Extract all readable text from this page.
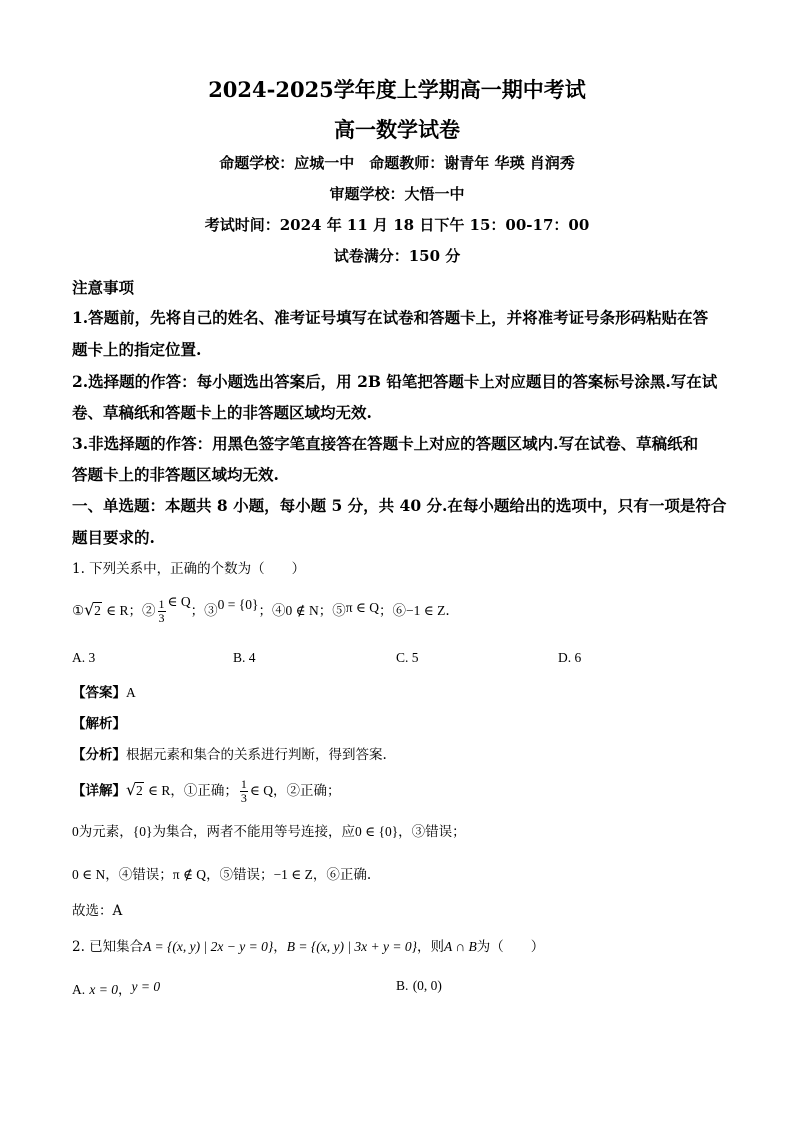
2024-2025学年度上学期高一期中考试
高一数学试卷
命题学校：应城一中　命题教师：谢青年 华瑛 肖润秀
审题学校：大悟一中
考试时间：2024 年 11 月 18 日下午 15：00-17：00
试卷满分：150 分
注意事项
1.答题前，先将自己的姓名、准考证号填写在试卷和答题卡上，并将准考证号条形码粘贴在答
题卡上的指定位置.
2.选择题的作答：每小题选出答案后，用 2B 铅笔把答题卡上对应题目的答案标号涂黑.写在试
卷、草稿纸和答题卡上的非答题区域均无效.
3.非选择题的作答：用黑色签字笔直接答在答题卡上对应的答题区域内.写在试卷、草稿纸和
答题卡上的非答题区域均无效.
一、单选题：本题共 8 小题，每小题 5 分，共 40 分.在每小题给出的选项中，只有一项是符合
题目要求的.
1. 下列关系中，正确的个数为（　　）
① √ 2 ∈ R；② $\frac{1}{3}$ ∈ Q；③0 = {0}；④0 ∉ N；⑤π ∈ Q；⑥−1 ∈ Z.
A. 3	B. 4	C. 5	D. 6
【答案】A
【解析】
【分析】根据元素和集合的关系进行判断，得到答案.
【详解】 √ 2 ∈ R，①正确； $\frac{1}{3}$ ∈ Q，②正确；
0为元素，{0}为集合，两者不能用等号连接，应0 ∈ {0}，③错误；
0 ∈ N，④错误；π ∉ Q，⑤错误；−1 ∈ Z，⑥正确.
故选：A
2. 已知集合A = {(x, y) | 2x − y = 0}，B = {(x, y) | 3x + y = 0}，则A ∩ B为（　　）
A. x = 0，y = 0	B. (0, 0)
